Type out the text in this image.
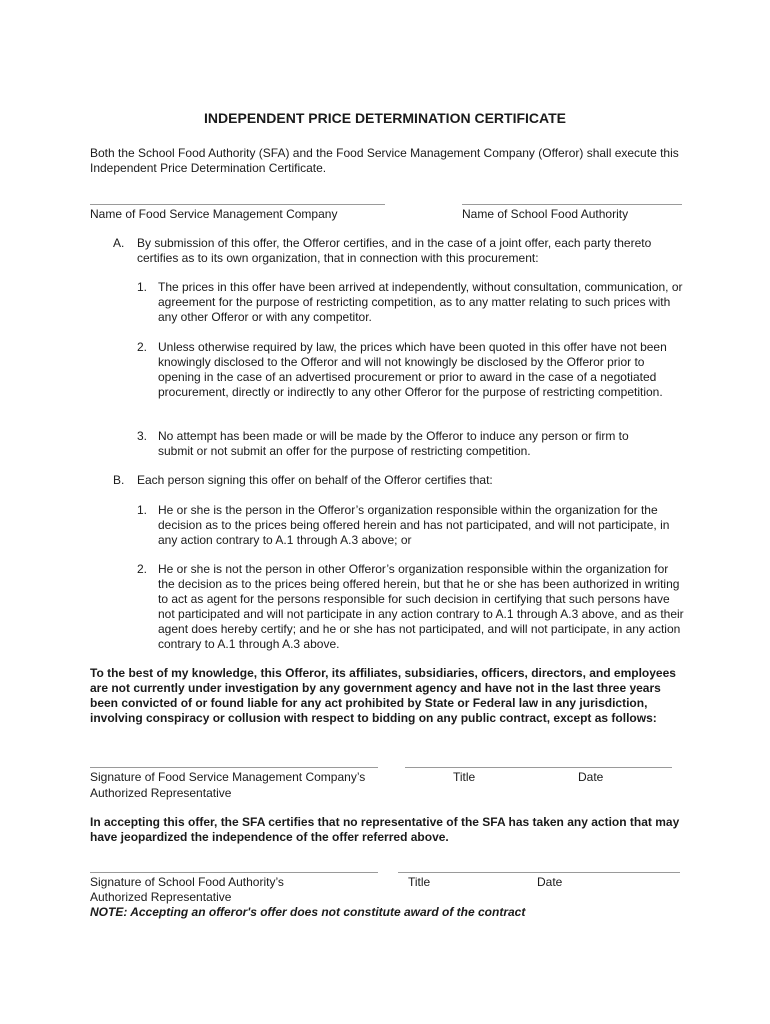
INDEPENDENT PRICE DETERMINATION CERTIFICATE
Both the School Food Authority (SFA) and the Food Service Management Company (Offeror) shall execute this Independent Price Determination Certificate.
Name of Food Service Management Company	Name of School Food Authority
A. By submission of this offer, the Offeror certifies, and in the case of a joint offer, each party thereto certifies as to its own organization, that in connection with this procurement:
1. The prices in this offer have been arrived at independently, without consultation, communication, or agreement for the purpose of restricting competition, as to any matter relating to such prices with any other Offeror or with any competitor.
2. Unless otherwise required by law, the prices which have been quoted in this offer have not been knowingly disclosed to the Offeror and will not knowingly be disclosed by the Offeror prior to opening in the case of an advertised procurement or prior to award in the case of a negotiated procurement, directly or indirectly to any other Offeror for the purpose of restricting competition.
3. No attempt has been made or will be made by the Offeror to induce any person or firm to submit or not submit an offer for the purpose of restricting competition.
B. Each person signing this offer on behalf of the Offeror certifies that:
1. He or she is the person in the Offeror’s organization responsible within the organization for the decision as to the prices being offered herein and has not participated, and will not participate, in any action contrary to A.1 through A.3 above; or
2. He or she is not the person in other Offeror’s organization responsible within the organization for the decision as to the prices being offered herein, but that he or she has been authorized in writing to act as agent for the persons responsible for such decision in certifying that such persons have not participated and will not participate in any action contrary to A.1 through A.3 above, and as their agent does hereby certify; and he or she has not participated, and will not participate, in any action contrary to A.1 through A.3 above.
To the best of my knowledge, this Offeror, its affiliates, subsidiaries, officers, directors, and employees are not currently under investigation by any government agency and have not in the last three years been convicted of or found liable for any act prohibited by State or Federal law in any jurisdiction, involving conspiracy or collusion with respect to bidding on any public contract, except as follows:
Signature of Food Service Management Company’s
Authorized Representative
Title	Date
In accepting this offer, the SFA certifies that no representative of the SFA has taken any action that may have jeopardized the independence of the offer referred above.
Signature of School Food Authority’s
Authorized Representative
Title	Date
NOTE: Accepting an offeror's offer does not constitute award of the contract
